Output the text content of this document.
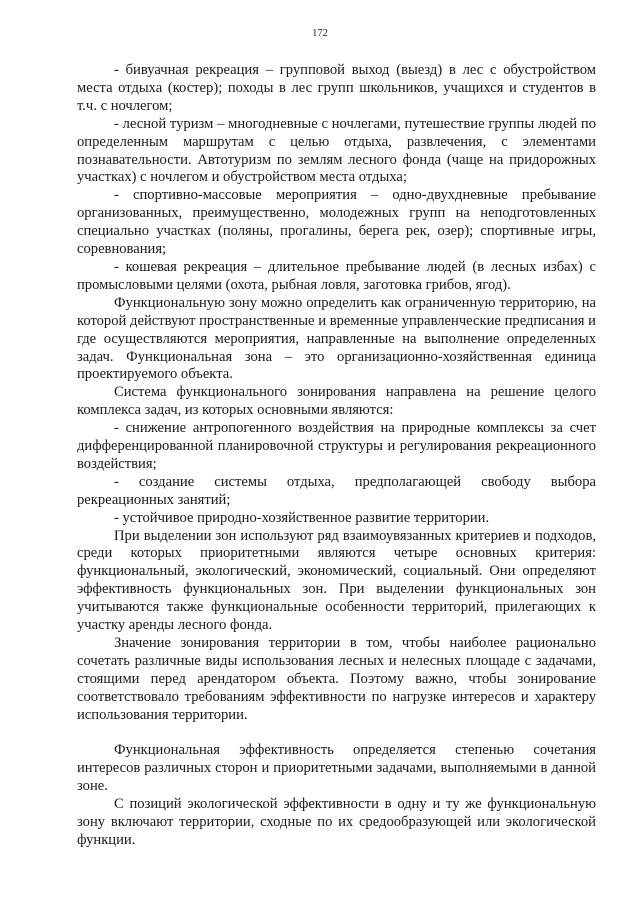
172

- бивуачная рекреация – групповой выход (выезд) в лес с обустройством места отдыха (костер); походы в лес групп школьников, учащихся и студентов в т.ч. с ночлегом;

- лесной туризм – многодневные с ночлегами, путешествие группы людей по определенным маршрутам с целью отдыха, развлечения, с элементами познавательности. Автотуризм по землям лесного фонда (чаще на придорожных участках) с ночлегом и обустройством места отдыха;

- спортивно-массовые мероприятия – одно-двухдневные пребывание организованных, преимущественно, молодежных групп на неподготовленных специально участках (поляны, прогалины, берега рек, озер); спортивные игры, соревнования;

- кошевая рекреация – длительное пребывание людей (в лесных избах) с промысловыми целями (охота, рыбная ловля, заготовка грибов, ягод).

Функциональную зону можно определить как ограниченную территорию, на которой действуют пространственные и временные управленческие предписания и где осуществляются мероприятия, направленные на выполнение определенных задач. Функциональная зона – это организационно-хозяйственная единица проектируемого объекта.

Система функционального зонирования направлена на решение целого комплекса задач, из которых основными являются:

- снижение антропогенного воздействия на природные комплексы за счет дифференцированной планировочной структуры и регулирования рекреационного воздействия;

- создание системы отдыха, предполагающей свободу выбора рекреационных занятий;

- устойчивое природно-хозяйственное развитие территории.

При выделении зон используют ряд взаимоувязанных критериев и подходов, среди которых приоритетными являются четыре основных критерия: функциональный, экологический, экономический, социальный. Они определяют эффективность функциональных зон. При выделении функциональных зон учитываются также функциональные особенности территорий, прилегающих к участку аренды лесного фонда.

Значение зонирования территории в том, чтобы наиболее рационально сочетать различные виды использования лесных и нелесных площаде с задачами, стоящими перед арендатором объекта. Поэтому важно, чтобы зонирование соответствовало требованиям эффективности по нагрузке интересов и характеру использования территории.

Функциональная эффективность определяется степенью сочетания интересов различных сторон и приоритетными задачами, выполняемыми в данной зоне.

С позиций экологической эффективности в одну и ту же функциональную зону включают территории, сходные по их средообразующей или экологической функции.
